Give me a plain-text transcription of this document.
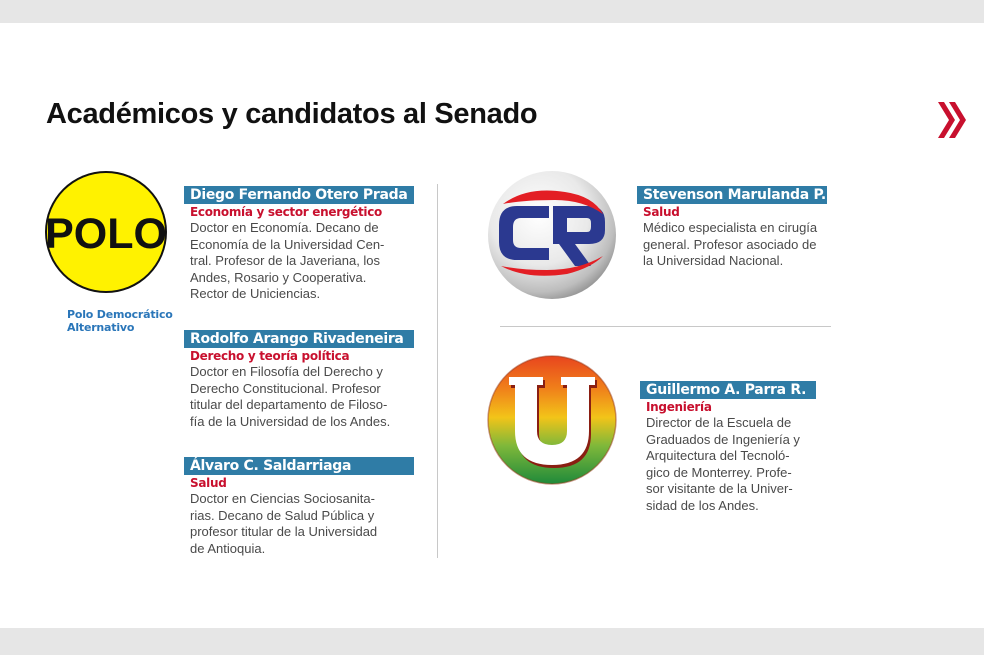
Académicos y candidatos al Senado
POLO
Polo Democrático
Alternativo
Diego Fernando Otero Prada
Economía y sector energético
Doctor en Economía. Decano de
Economía de la Universidad Cen-
tral. Profesor de la Javeriana, los
Andes, Rosario y Cooperativa.
Rector de Uniciencias.
Rodolfo Arango Rivadeneira
Derecho y teoría política
Doctor en Filosofía del Derecho y
Derecho Constitucional. Profesor
titular del departamento de Filoso-
fía de la Universidad de los Andes.
Álvaro C. Saldarriaga
Salud
Doctor en Ciencias Sociosanita-
rias. Decano de Salud Pública y
profesor titular de la Universidad
de Antioquia.
Stevenson Marulanda P.
Salud
Médico especialista en cirugía
general. Profesor asociado de
la Universidad Nacional.
Guillermo A. Parra R.
Ingeniería
Director de la Escuela de
Graduados de Ingeniería y
Arquitectura del Tecnoló-
gico de Monterrey. Profe-
sor visitante de la Univer-
sidad de los Andes.
